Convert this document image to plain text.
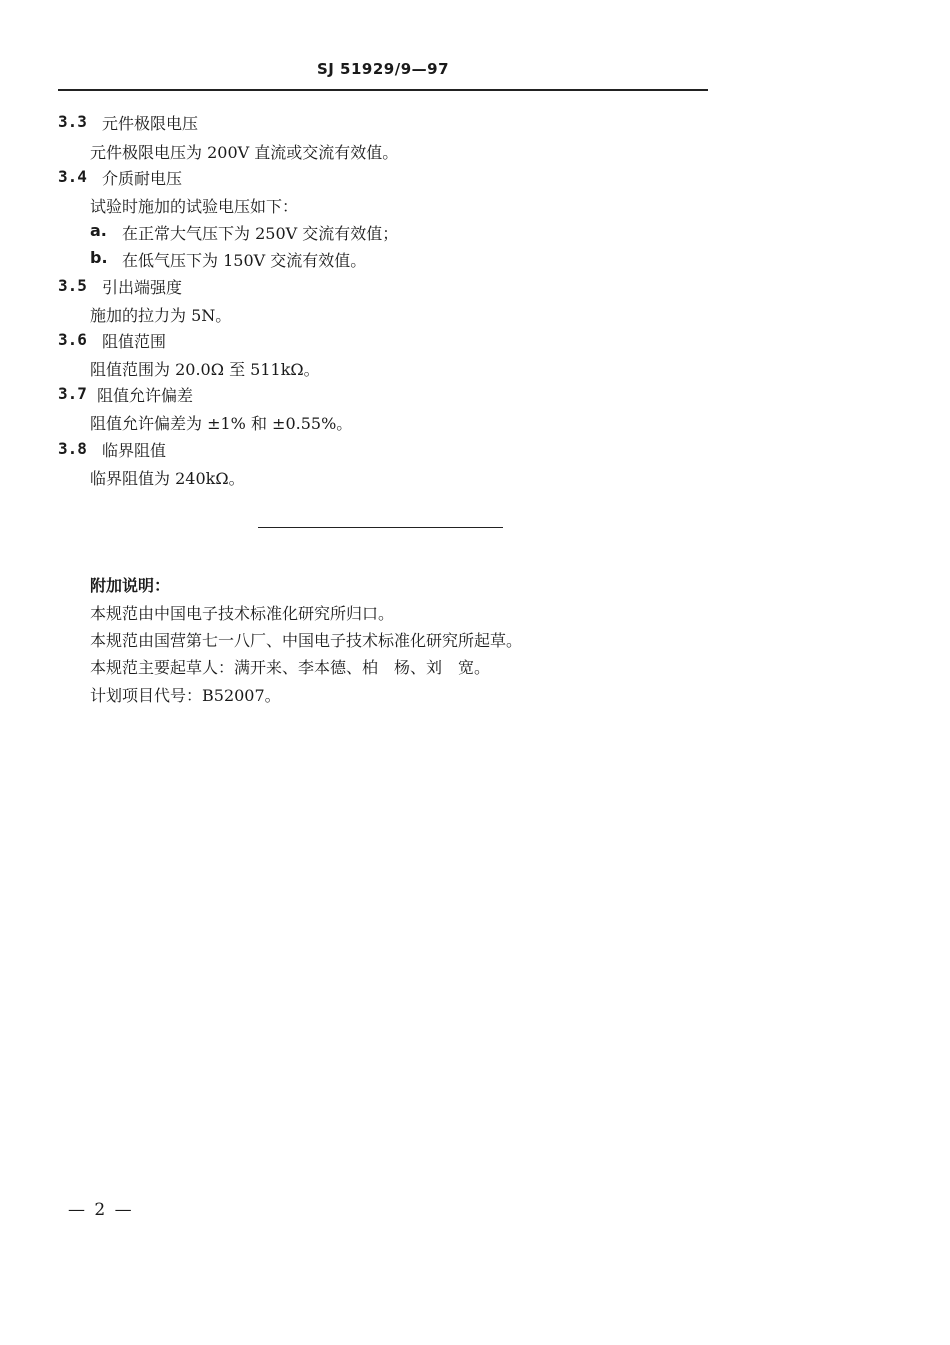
SJ 51929/9—97
3.3 元件极限电压
元件极限电压为 200V 直流或交流有效值。
3.4 介质耐电压
试验时施加的试验电压如下：
a. 在正常大气压下为 250V 交流有效值；
b. 在低气压下为 150V 交流有效值。
3.5 引出端强度
施加的拉力为 5N。
3.6 阻值范围
阻值范围为 20.0Ω 至 511kΩ。
3.7 阻值允许偏差
阻值允许偏差为 ±1% 和 ±0.55%。
3.8 临界阻值
临界阻值为 240kΩ。
附加说明：
本规范由中国电子技术标准化研究所归口。
本规范由国营第七一八厂、中国电子技术标准化研究所起草。
本规范主要起草人：满开来、李本德、柏　杨、刘　宽。
计划项目代号：B52007。
— 2 —
